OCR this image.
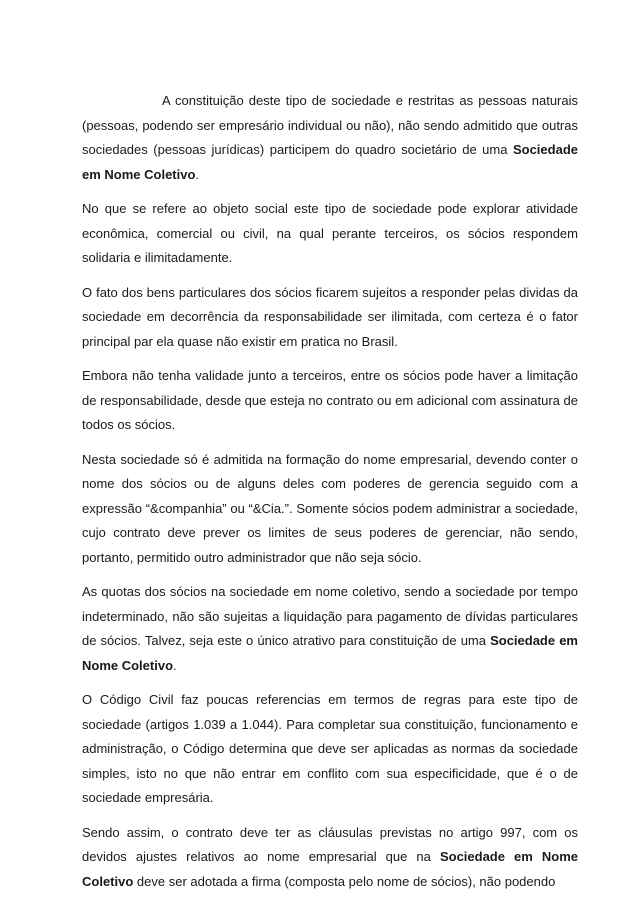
A constituição deste tipo de sociedade e restritas as pessoas naturais (pessoas, podendo ser empresário individual ou não), não sendo admitido que outras sociedades (pessoas jurídicas) participem do quadro societário de uma Sociedade em Nome Coletivo.

No que se refere ao objeto social este tipo de sociedade pode explorar atividade econômica, comercial ou civil, na qual perante terceiros, os sócios respondem solidaria e ilimitadamente.

O fato dos bens particulares dos sócios ficarem sujeitos a responder pelas dividas da sociedade em decorrência da responsabilidade ser ilimitada, com certeza é o fator principal par ela quase não existir em pratica no Brasil.

Embora não tenha validade junto a terceiros, entre os sócios pode haver a limitação de responsabilidade, desde que esteja no contrato ou em adicional com assinatura de todos os sócios.

Nesta sociedade só é admitida na formação do nome empresarial, devendo conter o nome dos sócios ou de alguns deles com poderes de gerencia seguido com a expressão “&companhia” ou “&Cia.”. Somente sócios podem administrar a sociedade, cujo contrato deve prever os limites de seus poderes de gerenciar, não sendo, portanto, permitido outro administrador que não seja sócio.

As quotas dos sócios na sociedade em nome coletivo, sendo a sociedade por tempo indeterminado, não são sujeitas a liquidação para pagamento de dívidas particulares de sócios. Talvez, seja este o único atrativo para constituição de uma Sociedade em Nome Coletivo.

O Código Civil faz poucas referencias em termos de regras para este tipo de sociedade (artigos 1.039 a 1.044). Para completar sua constituição, funcionamento e administração, o Código determina que deve ser aplicadas as normas da sociedade simples, isto no que não entrar em conflito com sua especificidade, que é o de sociedade empresária.

Sendo assim, o contrato deve ter as cláusulas previstas no artigo 997, com os devidos ajustes relativos ao nome empresarial que na Sociedade em Nome Coletivo deve ser adotada a firma (composta pelo nome de sócios), não podendo
